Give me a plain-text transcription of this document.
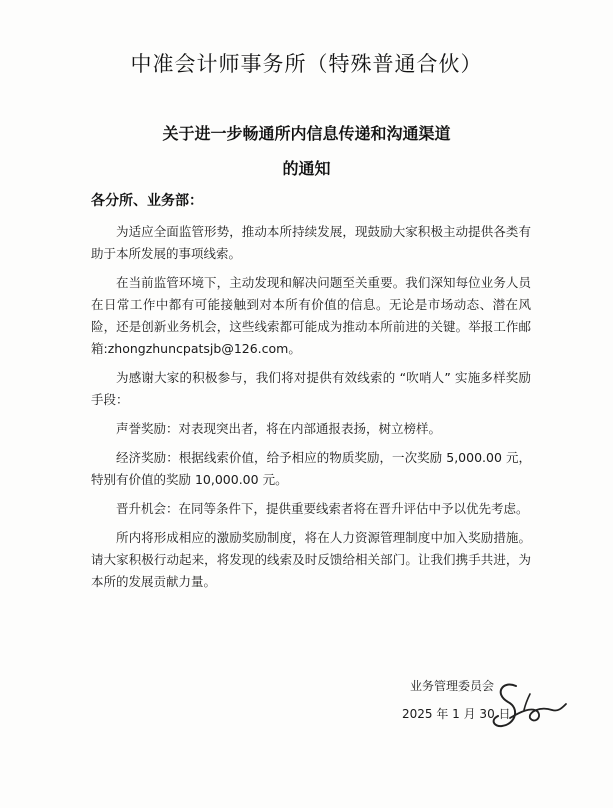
中准会计师事务所（特殊普通合伙）
关于进一步畅通所内信息传递和沟通渠道
的通知
各分所、业务部：

为适应全面监管形势，推动本所持续发展，现鼓励大家积极主动提供各类有助于本所发展的事项线索。

在当前监管环境下，主动发现和解决问题至关重要。我们深知每位业务人员在日常工作中都有可能接触到对本所有价值的信息。无论是市场动态、潜在风险，还是创新业务机会，这些线索都可能成为推动本所前进的关键。举报工作邮箱:zhongzhuncpatsjb@126.com。

为感谢大家的积极参与，我们将对提供有效线索的 “吹哨人” 实施多样奖励手段：

声誉奖励：对表现突出者，将在内部通报表扬，树立榜样。

经济奖励：根据线索价值，给予相应的物质奖励，一次奖励 5,000.00 元，特别有价值的奖励 10,000.00 元。

晋升机会：在同等条件下，提供重要线索者将在晋升评估中予以优先考虑。

所内将形成相应的激励奖励制度，将在人力资源管理制度中加入奖励措施。请大家积极行动起来，将发现的线索及时反馈给相关部门。让我们携手共进，为本所的发展贡献力量。

业务管理委员会
2025 年 1 月 30 日
